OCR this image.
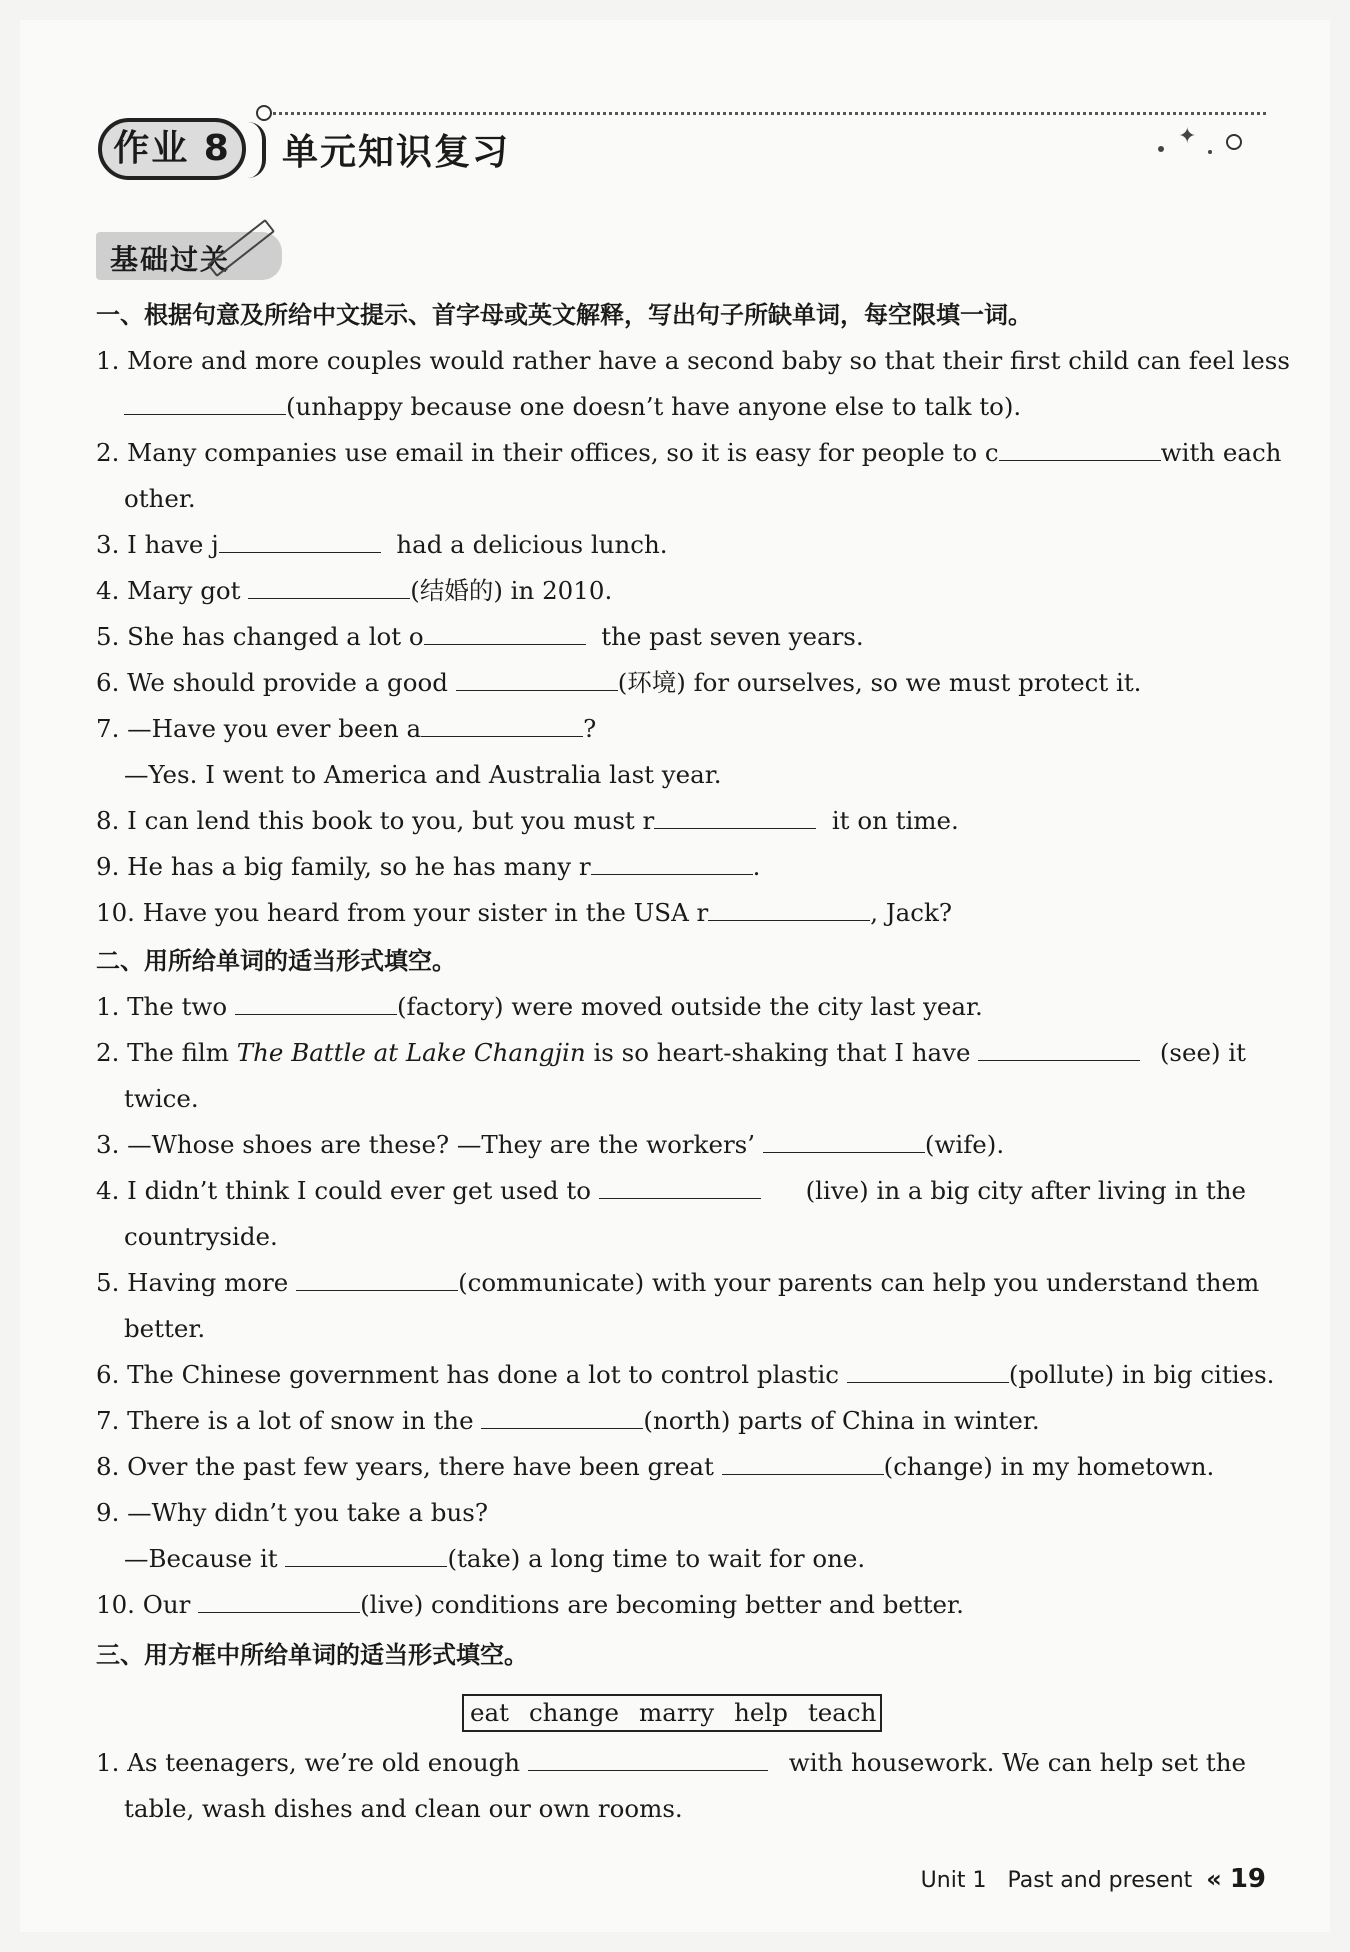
作业 8	单元知识复习	✦
基础过关
一、根据句意及所给中文提示、首字母或英文解释，写出句子所缺单词，每空限填一词。
1. More and more couples would rather have a second baby so that their first child can feel less
(unhappy because one doesn’t have anyone else to talk to).
2. Many companies use email in their offices, so it is easy for people to c	with each
other.
3. I have j	had a delicious lunch.
4. Mary got	(结婚的) in 2010.
5. She has changed a lot o	the past seven years.
6. We should provide a good	(环境) for ourselves, so we must protect it.
7. —Have you ever been a	?
—Yes. I went to America and Australia last year.
8. I can lend this book to you, but you must r	it on time.
9. He has a big family, so he has many r	.
10. Have you heard from your sister in the USA r	, Jack?
二、用所给单词的适当形式填空。
1. The two	(factory) were moved outside the city last year.
2. The film The Battle at Lake Changjin is so heart-shaking that I have	(see) it
twice.
3. —Whose shoes are these? —They are the workers’	(wife).
4. I didn’t think I could ever get used to	(live) in a big city after living in the
countryside.
5. Having more	(communicate) with your parents can help you understand them
better.
6. The Chinese government has done a lot to control plastic	(pollute) in big cities.
7. There is a lot of snow in the	(north) parts of China in winter.
8. Over the past few years, there have been great	(change) in my hometown.
9. —Why didn’t you take a bus?
—Because it	(take) a long time to wait for one.
10. Our	(live) conditions are becoming better and better.
三、用方框中所给单词的适当形式填空。
eat change marry help teach
1. As teenagers, we’re old enough	with housework. We can help set the
table, wash dishes and clean our own rooms.
Unit 1 Past and present « 19
